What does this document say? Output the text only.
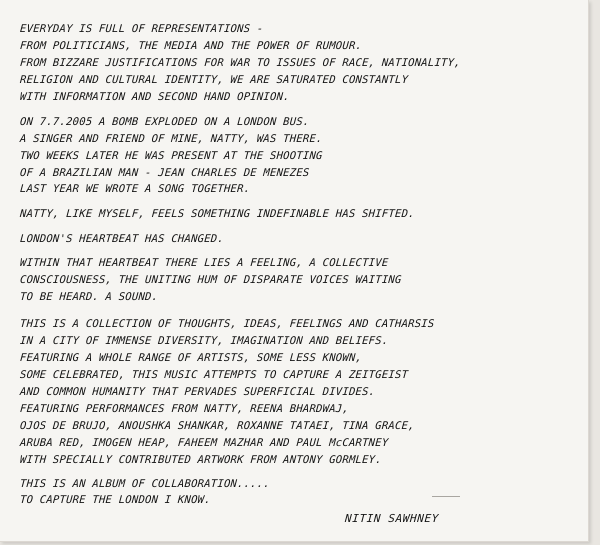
EVERYDAY IS FULL OF REPRESENTATIONS -
FROM POLITICIANS, THE MEDIA AND THE POWER OF RUMOUR.
FROM BIZZARE JUSTIFICATIONS FOR WAR TO ISSUES OF RACE, NATIONALITY,
RELIGION AND CULTURAL IDENTITY, WE ARE SATURATED CONSTANTLY
WITH INFORMATION AND SECOND HAND OPINION.
ON 7.7.2005 A BOMB EXPLODED ON A LONDON BUS.
A SINGER AND FRIEND OF MINE, NATTY, WAS THERE.
TWO WEEKS LATER HE WAS PRESENT AT THE SHOOTING
OF A BRAZILIAN MAN - JEAN CHARLES DE MENEZES
LAST YEAR WE WROTE A SONG TOGETHER.
NATTY, LIKE MYSELF, FEELS SOMETHING INDEFINABLE HAS SHIFTED.
LONDON'S HEARTBEAT HAS CHANGED.
WITHIN THAT HEARTBEAT THERE LIES A FEELING, A COLLECTIVE
CONSCIOUSNESS, THE UNITING HUM OF DISPARATE VOICES WAITING
TO BE HEARD. A SOUND.
THIS IS A COLLECTION OF THOUGHTS, IDEAS, FEELINGS AND CATHARSIS
IN A CITY OF IMMENSE DIVERSITY, IMAGINATION AND BELIEFS.
FEATURING A WHOLE RANGE OF ARTISTS, SOME LESS KNOWN,
SOME CELEBRATED, THIS MUSIC ATTEMPTS TO CAPTURE A ZEITGEIST
AND COMMON HUMANITY THAT PERVADES SUPERFICIAL DIVIDES.
FEATURING PERFORMANCES FROM NATTY, REENA BHARDWAJ,
OJOS DE BRUJO, ANOUSHKA SHANKAR, ROXANNE TATAEI, TINA GRACE,
ARUBA RED, IMOGEN HEAP, FAHEEM MAZHAR AND PAUL McCARTNEY
WITH SPECIALLY CONTRIBUTED ARTWORK FROM ANTONY GORMLEY.
THIS IS AN ALBUM OF COLLABORATION.....
TO CAPTURE THE LONDON I KNOW.
NITIN SAWHNEY
